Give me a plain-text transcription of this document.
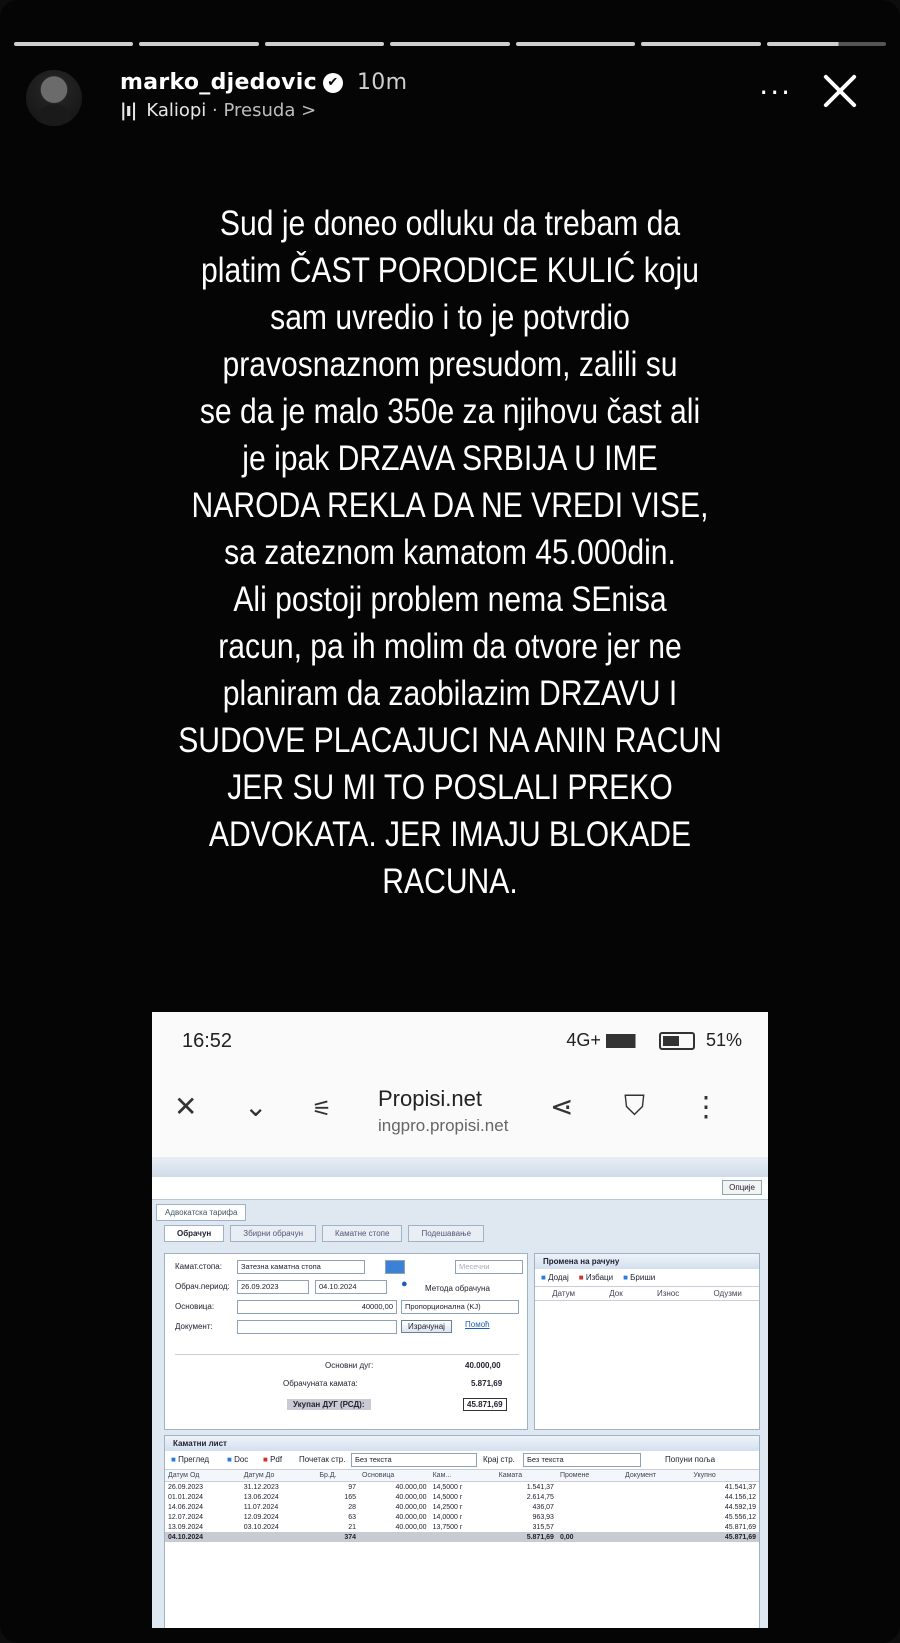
marko_djedovic ✔ 10m
|ı| Kaliopi · Presuda >
···

Sud je doneo odluku da trebam da

platim ČAST PORODICE KULIĆ koju

sam uvredio i to je potvrdio

pravosnaznom presudom, zalili su

se da je malo 350e za njihovu čast ali

je ipak DRZAVA SRBIJA U IME

NARODA REKLA DA NE VREDI VISE,

sa zateznom kamatom 45.000din.

Ali postoji problem nema SEnisa

racun, pa ih molim da otvore jer ne

planiram da zaobilazim DRZAVU I

SUDOVE PLACAJUCI NA ANIN RACUN

JER SU MI TO POSLALI PREKO

ADVOKATA. JER IMAJU BLOKADE

RACUNA.

16:52	4G+	51%
✕ ⌄ ⚟ Propisi.net
ingpro.propisi.net
⋖ ⛉ ⋮
Опције
Адвокатска тарифа
Обрачун	Збирни обрачун	Каматне стопе	Подешавање
Камат.стопа:	Затезна каматна стопа	Месечни
Обрач.период:	26.09.2023	04.10.2024	● Метода обрачуна
Основица:	40000,00	Пропорционална (KJ)
Документ:	Израчунај	Помоћ
Основни дуг:	40.000,00
Обрачуната камата:	5.871,69
Укупан ДУГ (РСД):	45.871,69
Промена на рачуну
■ Додај ■ Избаци ■ Бриши
Датум	Док	Износ	Одузми
Каматни лист
■ Преглед ■ Doc ■ Pdf Почетак стр.	Без текста	Крај стр.	Без текста	Попуни поља
Датум Од	Датум До	Бр.Д.	Основица	Кам...	Камата	Промене	Документ	Укупно
26.09.2023	31.12.2023	97	40.000,00	14,5000 г	1.541,37			41.541,37
01.01.2024	13.06.2024	165	40.000,00	14,5000 г	2.614,75			44.156,12
14.06.2024	11.07.2024	28	40.000,00	14,2500 г	436,07			44.592,19
12.07.2024	12.09.2024	63	40.000,00	14,0000 г	963,93			45.556,12
13.09.2024	03.10.2024	21	40.000,00	13,7500 г	315,57			45.871,69
04.10.2024		374			5.871,69	0,00		45.871,69
